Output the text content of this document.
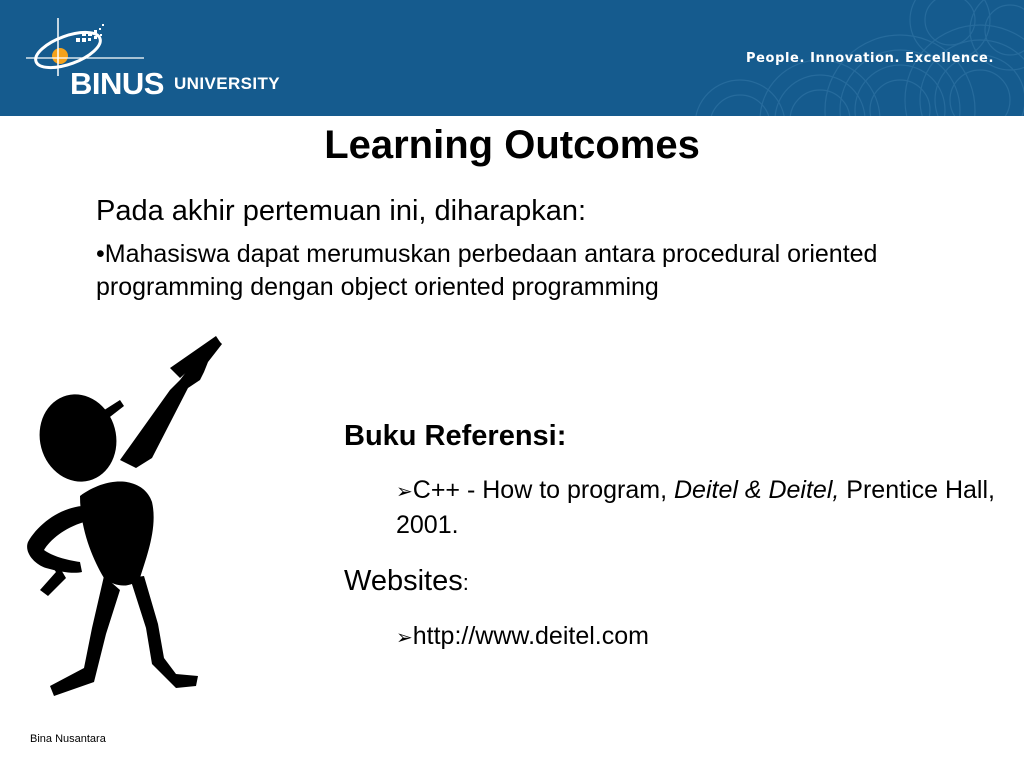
BINUS UNIVERSITY
People. Innovation. Excellence.
Learning Outcomes
Pada akhir pertemuan ini, diharapkan:
•Mahasiswa dapat merumuskan perbedaan antara procedural oriented programming dengan object oriented programming
Buku Referensi:
➢C++ - How to program, Deitel & Deitel, Prentice Hall, 2001.
Websites:
➢http://www.deitel.com
Bina Nusantara
